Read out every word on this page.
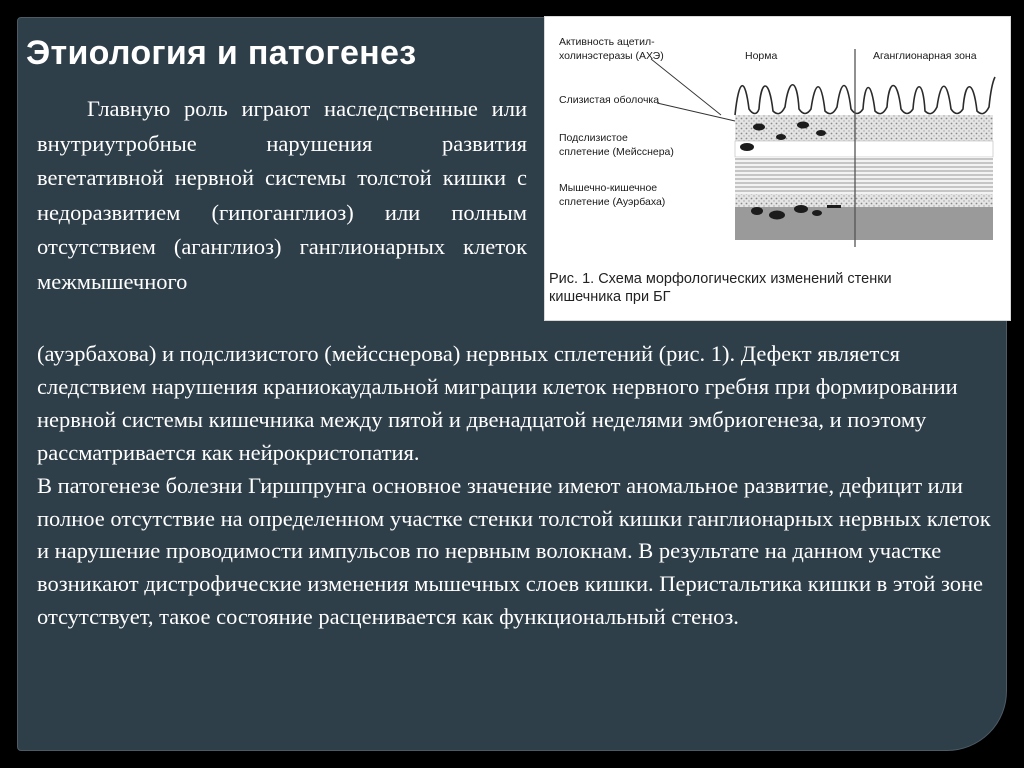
Этиология и патогенез
Главную роль играют наследственные или внутриутробные нарушения развития вегетативной нервной системы толстой кишки с недоразвитием (гипоганглиоз) или полным отсутствием (аганглиоз) ганглионарных клеток межмышечного

(ауэрбахова) и подслизистого (мейсснерова) нервных сплетений (рис. 1). Дефект является следствием нарушения краниокаудальной миграции клеток нервного гребня при формировании нервной системы кишечника между пятой и двенадцатой неделями эмбриогенеза, и поэтому рассматривается как нейрокристопатия.

В патогенезе болезни Гиршпрунга основное значение имеют аномальное развитие, дефицит или полное отсутствие на определенном участке стенки толстой кишки ганглионарных нервных клеток и нарушение проводимости импульсов по нервным волокнам. В результате на данном участке возникают дистрофические изменения мышечных слоев кишки. Перистальтика кишки в этой зоне отсутствует, такое состояние расценивается как функциональный стеноз.

Активность ацетил-
холинэстеразы (АХЭ)
Слизистая оболочка
Подслизистое
сплетение (Мейсснера)
Мышечно-кишечное
сплетение (Ауэрбаха)
Норма	Аганглионарная зона
Рис. 1. Схема морфологических изменений стенки
кишечника при БГ
